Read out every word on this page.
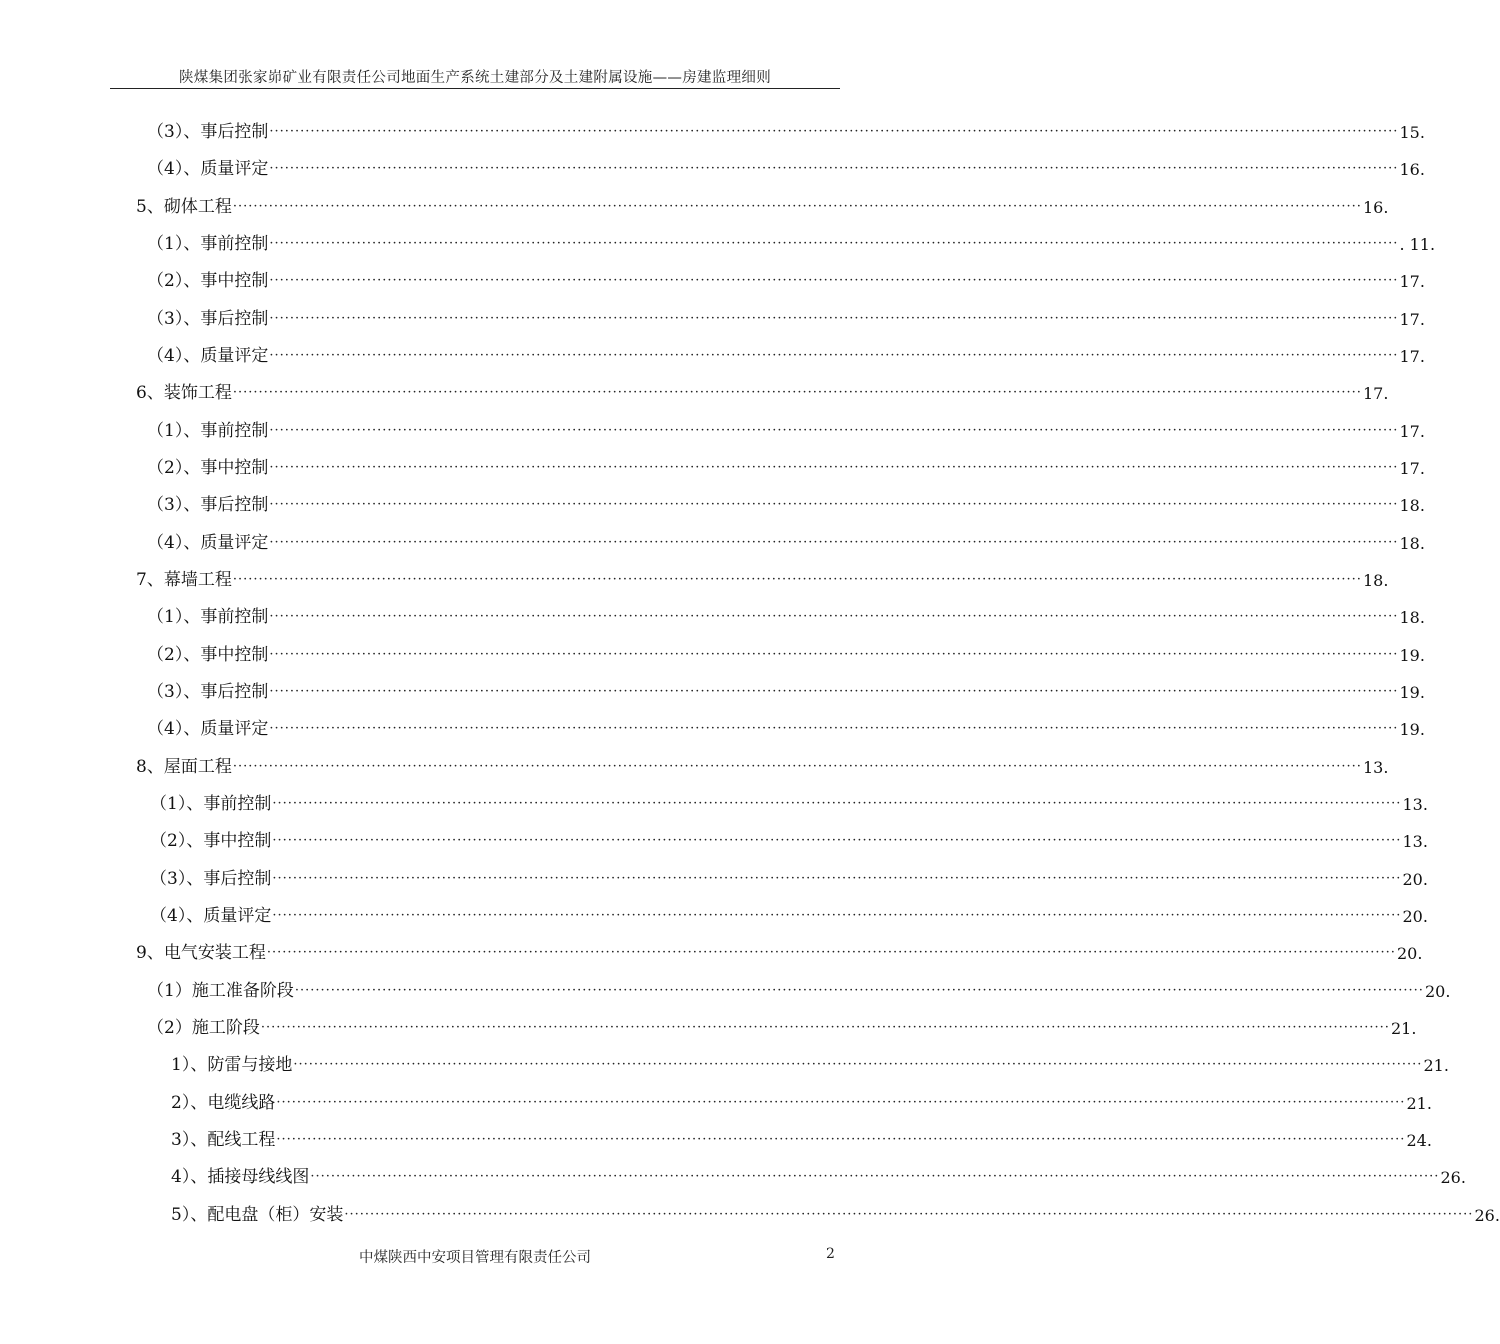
陕煤集团张家峁矿业有限责任公司地面生产系统土建部分及土建附属设施——房建监理细则
（3）、事后控制 ···························································································································································································································· 15.
（4）、质量评定 ···························································································································································································································· 16.
5、砌体工程 ···························································································································································································································· 16.
（1）、事前控制 ···························································································································································································································· . 11.
（2）、事中控制 ···························································································································································································································· 17.
（3）、事后控制 ···························································································································································································································· 17.
（4）、质量评定 ···························································································································································································································· 17.
6、装饰工程 ···························································································································································································································· 17.
（1）、事前控制 ···························································································································································································································· 17.
（2）、事中控制 ···························································································································································································································· 17.
（3）、事后控制 ···························································································································································································································· 18.
（4）、质量评定 ···························································································································································································································· 18.
7、幕墙工程 ···························································································································································································································· 18.
（1）、事前控制 ···························································································································································································································· 18.
（2）、事中控制 ···························································································································································································································· 19.
（3）、事后控制 ···························································································································································································································· 19.
（4）、质量评定 ···························································································································································································································· 19.
8、屋面工程 ···························································································································································································································· 13.
（1）、事前控制 ···························································································································································································································· 13.
（2）、事中控制 ···························································································································································································································· 13.
（3）、事后控制 ···························································································································································································································· 20.
（4）、质量评定 ···························································································································································································································· 20.
9、电气安装工程 ···························································································································································································································· 20.
（1）施工准备阶段 ···························································································································································································································· 20.
（2）施工阶段 ···························································································································································································································· 21.
1）、防雷与接地 ···························································································································································································································· 21.
2）、电缆线路 ···························································································································································································································· 21.
3）、配线工程 ···························································································································································································································· 24.
4）、插接母线线图 ···························································································································································································································· 26.
5）、配电盘（柜）安装 ···························································································································································································································· 26.
中煤陕西中安项目管理有限责任公司	2
